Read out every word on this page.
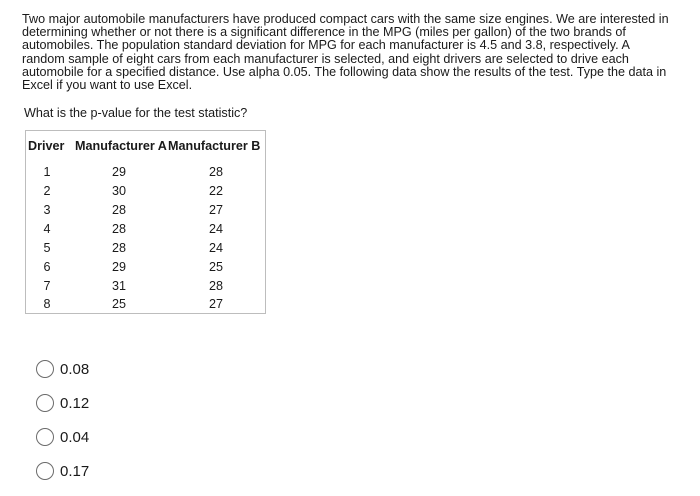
Two major automobile manufacturers have produced compact cars with the same size engines. We are interested in determining whether or not there is a significant difference in the MPG (miles per gallon) of the two brands of automobiles. The population standard deviation for MPG for each manufacturer is 4.5 and 3.8, respectively. A random sample of eight cars from each manufacturer is selected, and eight drivers are selected to drive each automobile for a specified distance. Use alpha 0.05. The following data show the results of the test. Type the data in Excel if you want to use Excel.

What is the p-value for the test statistic?

Driver Manufacturer A Manufacturer B
1	29	28
2	30	22
3	28	27
4	28	24
5	28	24
6	29	25
7	31	28
8	25	27
0.08
0.12
0.04
0.17
